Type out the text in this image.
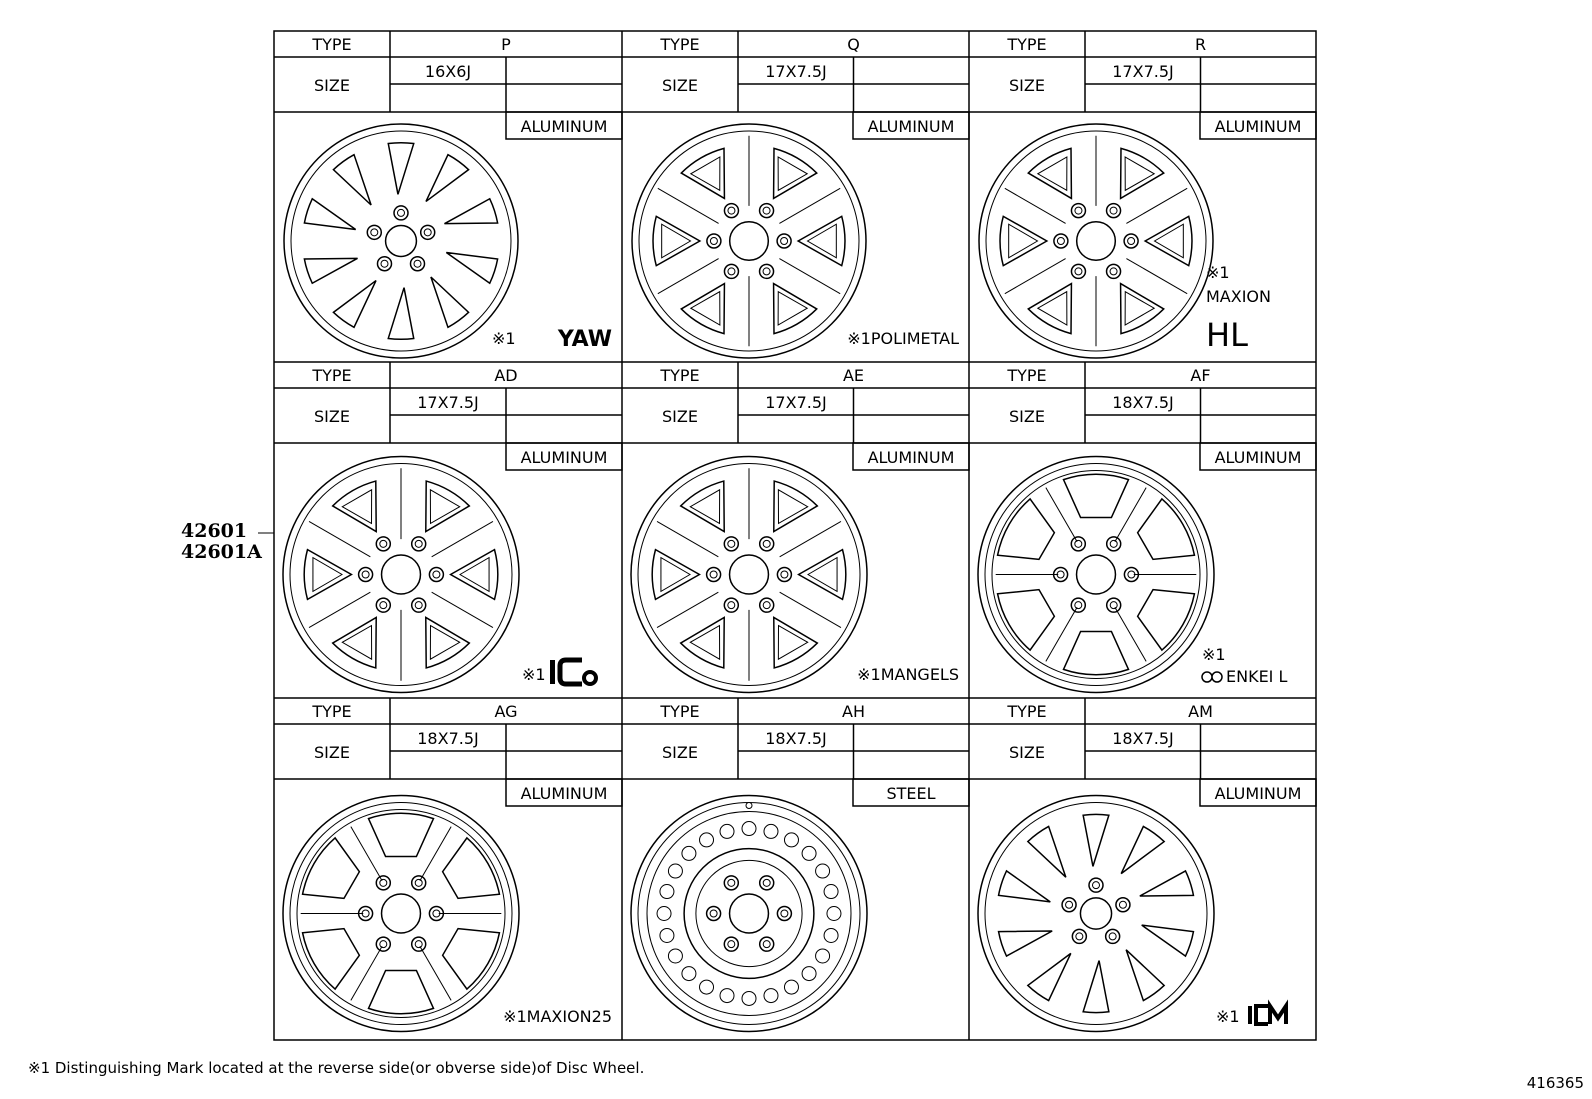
TYPE	P
SIZE
16X6J
ALUMINUM
※1 YAW
TYPE	Q
SIZE
17X7.5J
ALUMINUM
※1POLIMETAL
TYPE	R
SIZE
17X7.5J
ALUMINUM
※1
MAXION
HL
TYPE	AD
SIZE
17X7.5J
ALUMINUM
※1
TYPE	AE
SIZE
17X7.5J
ALUMINUM
※1MANGELS
TYPE	AF
SIZE
18X7.5J
ALUMINUM
※1
ENKEI L
TYPE	AG
SIZE
18X7.5J
ALUMINUM
※1MAXION25
TYPE	AH
SIZE
18X7.5J
STEEL
TYPE	AM
SIZE
18X7.5J
ALUMINUM
※1
42601
42601A
※1 Distinguishing Mark located at the reverse side(or obverse side)of Disc Wheel.
416365
